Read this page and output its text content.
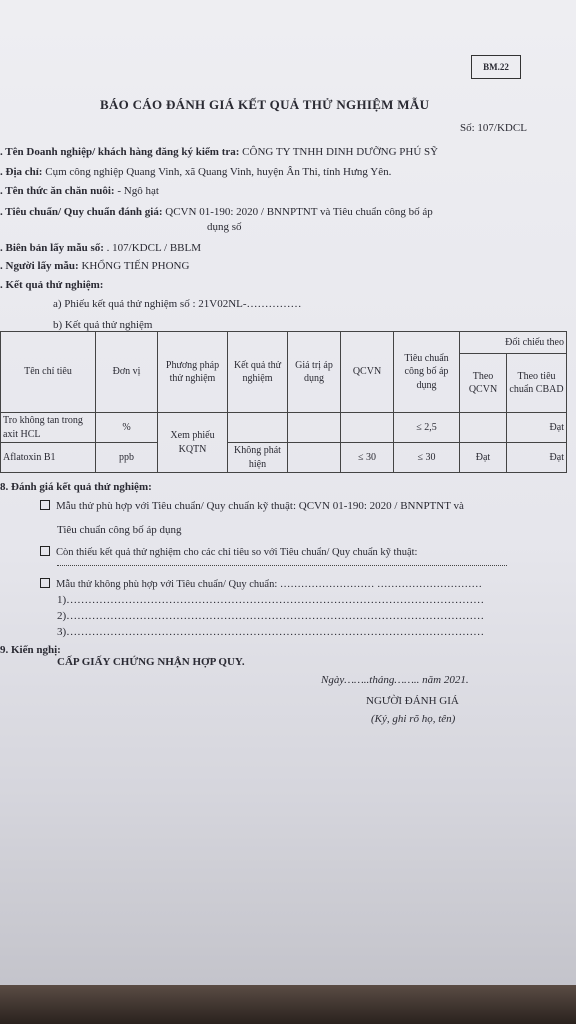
BM.22
BÁO CÁO ĐÁNH GIÁ KẾT QUẢ THỬ NGHIỆM MẪU
Số: 107/KDCL
. Tên Doanh nghiệp/ khách hàng đăng ký kiểm tra: CÔNG TY TNHH DINH DƯỠNG PHÚ SỸ
. Địa chỉ: Cụm công nghiệp Quang Vinh, xã Quang Vinh, huyện Ân Thi, tỉnh Hưng Yên.
. Tên thức ăn chăn nuôi: - Ngô hạt
. Tiêu chuẩn/ Quy chuẩn đánh giá: QCVN 01-190: 2020 / BNNPTNT và Tiêu chuẩn công bố áp
dụng số
. Biên bản lấy mẫu số: . 107/KDCL / BBLM
. Người lấy mẫu: KHỔNG TIẾN PHONG
. Kết quả thử nghiệm:
a) Phiếu kết quả thử nghiệm số : 21V02NL-……………
b) Kết quả thử nghiệm
Tên chỉ tiêu	Đơn vị	Phương pháp thử nghiệm	Kết quả thử nghiệm	Giá trị áp dụng	QCVN	Tiêu chuẩn công bố áp dụng	Đối chiếu theo	
							Theo QCVN	Theo tiêu chuẩn CBAD
Tro không tan trong axit HCL	%	Xem phiếu KQTN				≤ 2,5		Đạt
Aflatoxin B1	ppb		Không phát hiện		≤ 30	≤ 30	Đạt	Đạt
8. Đánh giá kết quả thử nghiệm:
Mẫu thử phù hợp với Tiêu chuẩn/ Quy chuẩn kỹ thuật: QCVN 01-190: 2020 / BNNPTNT và
Tiêu chuẩn công bố áp dụng
Còn thiếu kết quả thử nghiệm cho các chỉ tiêu so với Tiêu chuẩn/ Quy chuẩn kỹ thuật:
Mẫu thử không phù hợp với Tiêu chuẩn/ Quy chuẩn: ……………………… …………………………
1)……………………………………………………………………………………………………
2)……………………………………………………………………………………………………
3)……………………………………………………………………………………………………
9. Kiến nghị:
CẤP GIẤY CHỨNG NHẬN HỢP QUY.
Ngày……..tháng…….. năm 2021.
NGƯỜI ĐÁNH GIÁ
(Ký, ghi rõ họ, tên)
